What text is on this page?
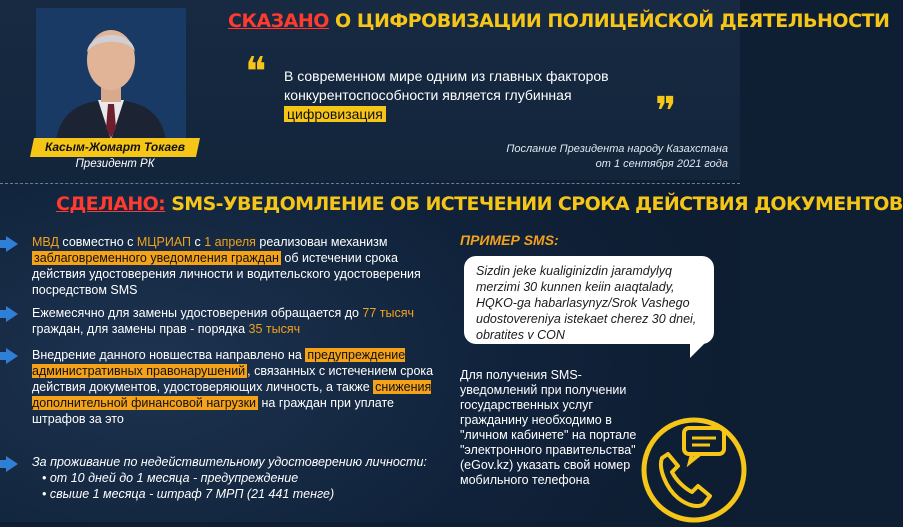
Касым-Жомарт Токаев
Президент РК
СКАЗАНО О ЦИФРОВИЗАЦИИ ПОЛИЦЕЙСКОЙ ДЕЯТЕЛЬНОСТИ
❝ В современном мире одним из главных факторов конкурентоспособности является глубинная цифровизация	❞
Послание Президента народу Казахстана
от 1 сентября 2021 года
СДЕЛАНО: SMS-УВЕДОМЛЕНИЕ ОБ ИСТЕЧЕНИИ СРОКА ДЕЙСТВИЯ ДОКУМЕНТОВ
МВД совместно с МЦРИАП с 1 апреля реализован механизм заблаговременного уведомления граждан об истечении срока действия удостоверения личности и водительского удостоверения посредством SMS
Ежемесячно для замены удостоверения обращается до 77 тысяч граждан, для замены прав - порядка 35 тысяч
Внедрение данного новшества направлено на предупреждение административных правонарушений , связанных с истечением срока действия документов, удостоверяющих личность, а также снижения дополнительной финансовой нагрузки на граждан при уплате штрафов за это
За проживание по недействительному удостоверению личности:
• от 10 дней до 1 месяца - предупреждение
• свыше 1 месяца - штраф 7 МРП (21 441 тенге)
ПРИМЕР SMS:
Sizdin jeke kualiginizdin jaramdylyq merzimi 30 kunnen keiin aıaqtalady, HQKO-ga habarlasynyz/Srok Vashego udostovereniya istekaet cherez 30 dnei, obratites v CON
Для получения SMS-уведомлений при получении государственных услуг гражданину необходимо в "личном кабинете" на портале "электронного правительства" (eGov.kz) указать свой номер мобильного телефона
